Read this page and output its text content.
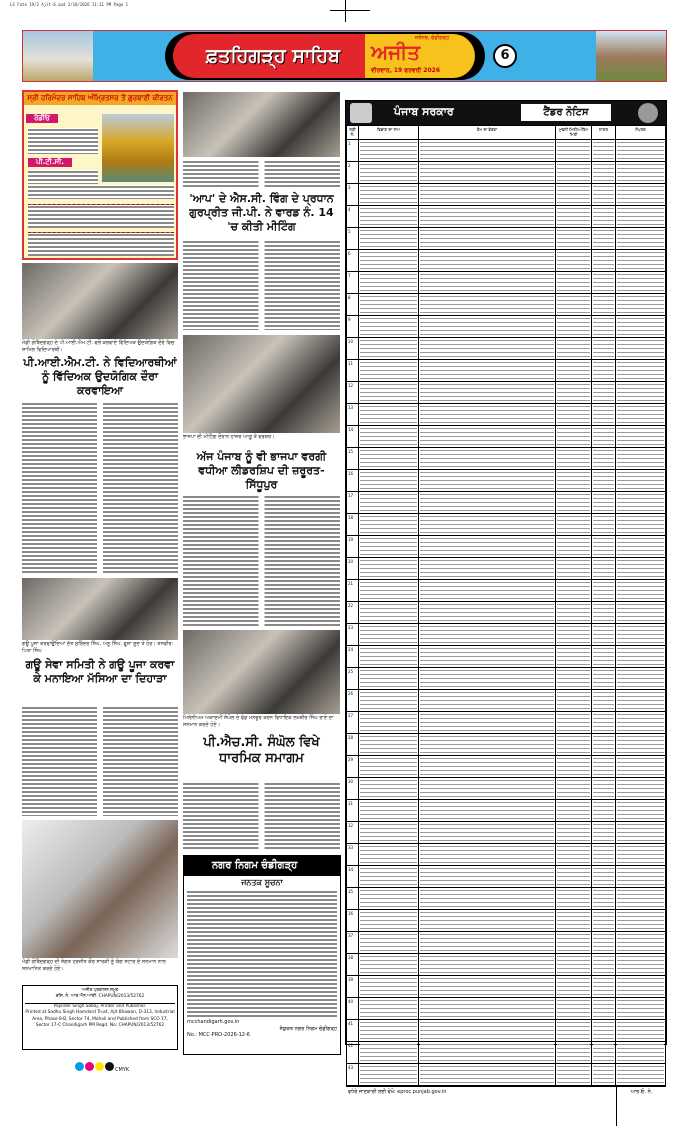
LS Fate 19/2 Ajit-6.qxd 2/18/2026 11:11 PM Page 1
ਫ਼ਤਹਿਗੜ੍ਹ ਸਾਹਿਬ	ਅਜੀਤ
ਜਲੰਧਰ, ਚੰਡੀਗੜ੍ਹ
ਵੀਰਵਾਰ, 19 ਫਰਵਰੀ 2026
6
ਸ੍ਰੀ ਹਰਿਮੰਦਰ ਸਾਹਿਬ ਅੰਮ੍ਰਿਤਸਰ ਤੋਂ ਗੁਰਬਾਣੀ ਕੀਰਤਨ
ਰੇਡੀਓ
ਪੀ.ਟੀ.ਸੀ.
ਮੰਡੀ ਗੋਬਿੰਦਗੜ੍ਹ ਦੇ ਪੀ.ਆਈ.ਐਮ.ਟੀ. ਵਲੋਂ ਕਰਵਾਏ ਵਿੱਦਿਅਕ ਉਦਯੋਗਿਕ ਦੌਰੇ ਵਿਚ ਸ਼ਾਮਿਲ ਵਿਦਿਆਰਥੀ।
ਪੀ.ਆਈ.ਐਮ.ਟੀ. ਨੇ ਵਿਦਿਆਰਥੀਆਂ ਨੂੰ ਵਿੱਦਿਅਕ ਉਦਯੋਗਿਕ ਦੌਰਾ ਕਰਵਾਇਆ
ਗਊ ਪੂਜਾ ਕਰਵਾਉਂਦਿਆਂ ਦੱਤ ਸੁਰਿੰਦਰ ਸਿੰਘ, ਅਨੂ ਸਿੰਘ, ਵੂਸ਼ਾ ਸੂਦ ਤੇ ਹੋਰ। ਤਸਵੀਰ: ਪਿਤਾ ਸਿੰਘ
ਗਊ ਸੇਵਾ ਸਮਿਤੀ ਨੇ ਗਊ ਪੂਜਾ ਕਰਵਾ ਕੇ ਮਨਾਇਆ ਮੱਸਿਆ ਦਾ ਦਿਹਾੜਾ
ਮੰਡੀ ਗੋਬਿੰਦਗੜ੍ਹ ਦੀ ਸੰਗਤ ਹਰਜੀਤ ਕੌਰ ਸਾਰਕੀ ਨੂੰ ਯੰਗ ਸਟਾਰ ਦੇ ਸਨਮਾਨ ਨਾਲ ਸਨਮਾਨਿਤ ਕਰਦੇ ਹੋਏ।
ਅਜੀਤ ਪ੍ਰਕਾਸ਼ਨ ਸਮੂਹ
ਰਜਿ. ਨੰ. ਆਰ.ਐਨ.ਆਈ. CHAPUN/2013/52762
Pajinder Singh Sebaj, Printer and Publisher.
Printed at Sadhu Singh Hamdard Trust, Ajit Bhawan, D-313, Industrial Area, Phase 8-B, Sector 74, Mohali and Published from SCO 17, Sector 17-C Chandigarh PM Regd. No: CHAPUN/2013/52762
'ਆਪ' ਦੇ ਐਸ.ਸੀ. ਵਿੰਗ ਦੇ ਪ੍ਰਧਾਨ ਗੁਰਪ੍ਰੀਤ ਜੀ.ਪੀ. ਨੇ ਵਾਰਡ ਨੰ. 14 'ਚ ਕੀਤੀ ਮੀਟਿੰਗ
ਭਾਜਪਾ ਦੀ ਮੀਟਿੰਗ ਦੌਰਾਨ ਹਾਜ਼ਰ ਆਗੂ ਤੇ ਵਰਕਰ।
ਅੱਜ ਪੰਜਾਬ ਨੂੰ ਵੀ ਭਾਜਪਾ ਵਰਗੀ ਵਧੀਆ ਲੀਡਰਸ਼ਿਪ ਦੀ ਜ਼ਰੂਰਤ-ਸਿੱਧੂਪੁਰ
ਮਿਲੇਨੀਅਮ ਅਕਾਦਮੀ ਸੰਘੋਲ ਦੇ ਫੰਡ ਮਨਜ਼ੂਰ ਕਰਨ ਵਿਧਾਇਕ ਲਖਬੀਰ ਸਿੰਘ ਰਾਏ ਦਾ ਸਨਮਾਨ ਕਰਦੇ ਹੋਏ।
ਪੀ.ਐਚ.ਸੀ. ਸੰਘੋਲ ਵਿਖੇ ਧਾਰਮਿਕ ਸਮਾਗਮ
ਨਗਰ ਨਿਗਮ ਚੰਡੀਗੜ੍ਹ
ਜਨਤਕ ਸੂਚਨਾ
mcchandigarh.gov.in
ਸੰਯੁਕਤ ਨਗਰ ਨਿਗਮ ਚੰਡੀਗੜ੍ਹ
No.: MCC-PRO-2026-12-6
ਪੰਜਾਬ ਸਰਕਾਰ	ਟੈਂਡਰ ਨੋਟਿਸ
ਲੜੀ ਨੰ.	ਵਿਭਾਗ ਦਾ ਨਾਮ	ਕੰਮ ਦਾ ਵੇਰਵਾ	ਮੁਢਲੀ ਮਿਤੀ/ਅੰਤਿਮ ਮਿਤੀ	ਲਾਗਤ	ਸੰਪਰਕ
1	

2	

3	

4	

5	

6	

7	

8	

9	

10	

11	

12	

13	

14	

15	

16	

17	

18	

19	

20	

21	

22	

23	

24	

25	

26	

27	

28	

29	

30	

31	

32	

33	

34	

35	

36	

37	

38	

39	

40	

41	

42	

43	

ਵਧੇਰੇ ਜਾਣਕਾਰੀ ਲਈ ਵੇਖੋ: eproc.punjab.gov.in	ਆਰ.ਓ. ਨੰ.
CMYK
